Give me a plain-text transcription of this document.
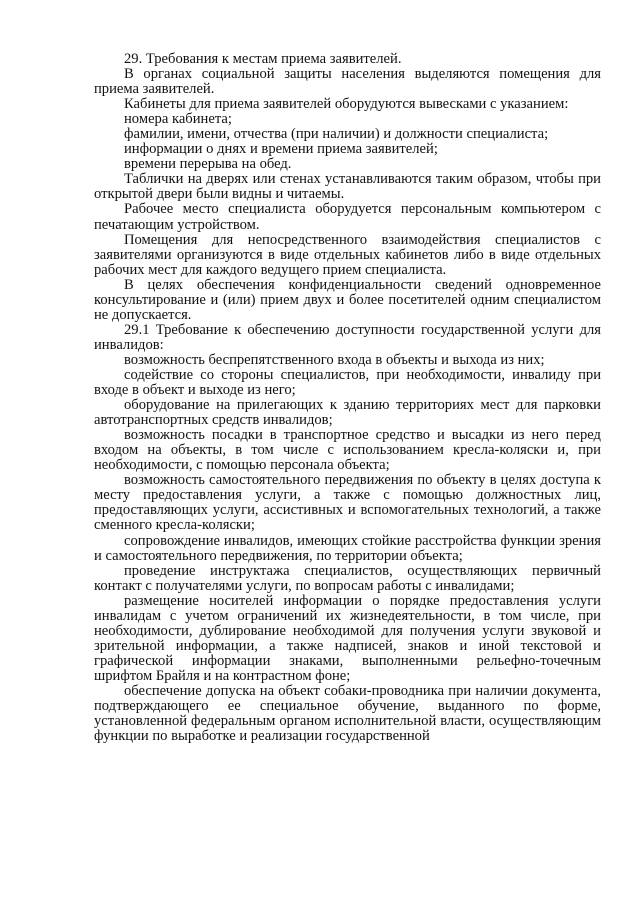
29. Требования к местам приема заявителей.

В органах социальной защиты населения выделяются помещения для приема заявителей.

Кабинеты для приема заявителей оборудуются вывесками с указанием:

номера кабинета;

фамилии, имени, отчества (при наличии) и должности специалиста;

информации о днях и времени приема заявителей;

времени перерыва на обед.

Таблички на дверях или стенах устанавливаются таким образом, чтобы при открытой двери были видны и читаемы.

Рабочее место специалиста оборудуется персональным компьютером с печатающим устройством.

Помещения для непосредственного взаимодействия специалистов с заявителями организуются в виде отдельных кабинетов либо в виде отдельных рабочих мест для каждого ведущего прием специалиста.

В целях обеспечения конфиденциальности сведений одновременное консультирование и (или) прием двух и более посетителей одним специалистом не допускается.

29.1 Требование к обеспечению доступности государственной услуги для инвалидов:

возможность беспрепятственного входа в объекты и выхода из них;

содействие со стороны специалистов, при необходимости, инвалиду при входе в объект и выходе из него;

оборудование на прилегающих к зданию территориях мест для парковки автотранспортных средств инвалидов;

возможность посадки в транспортное средство и высадки из него перед входом на объекты, в том числе с использованием кресла-коляски и, при необходимости, с помощью персонала объекта;

возможность самостоятельного передвижения по объекту в целях доступа к месту предоставления услуги, а также с помощью должностных лиц, предоставляющих услуги, ассистивных и вспомогательных технологий, а также сменного кресла-коляски;

сопровождение инвалидов, имеющих стойкие расстройства функции зрения и самостоятельного передвижения, по территории объекта;

проведение инструктажа специалистов, осуществляющих первичный контакт с получателями услуги, по вопросам работы с инвалидами;

размещение носителей информации о порядке предоставления услуги инвалидам с учетом ограничений их жизнедеятельности, в том числе, при необходимости, дублирование необходимой для получения услуги звуковой и зрительной информации, а также надписей, знаков и иной текстовой и графической информации знаками, выполненными рельефно-точечным шрифтом Брайля и на контрастном фоне;

обеспечение допуска на объект собаки-проводника при наличии документа, подтверждающего ее специальное обучение, выданного по форме, установленной федеральным органом исполнительной власти, осуществляющим функции по выработке и реализации государственной
